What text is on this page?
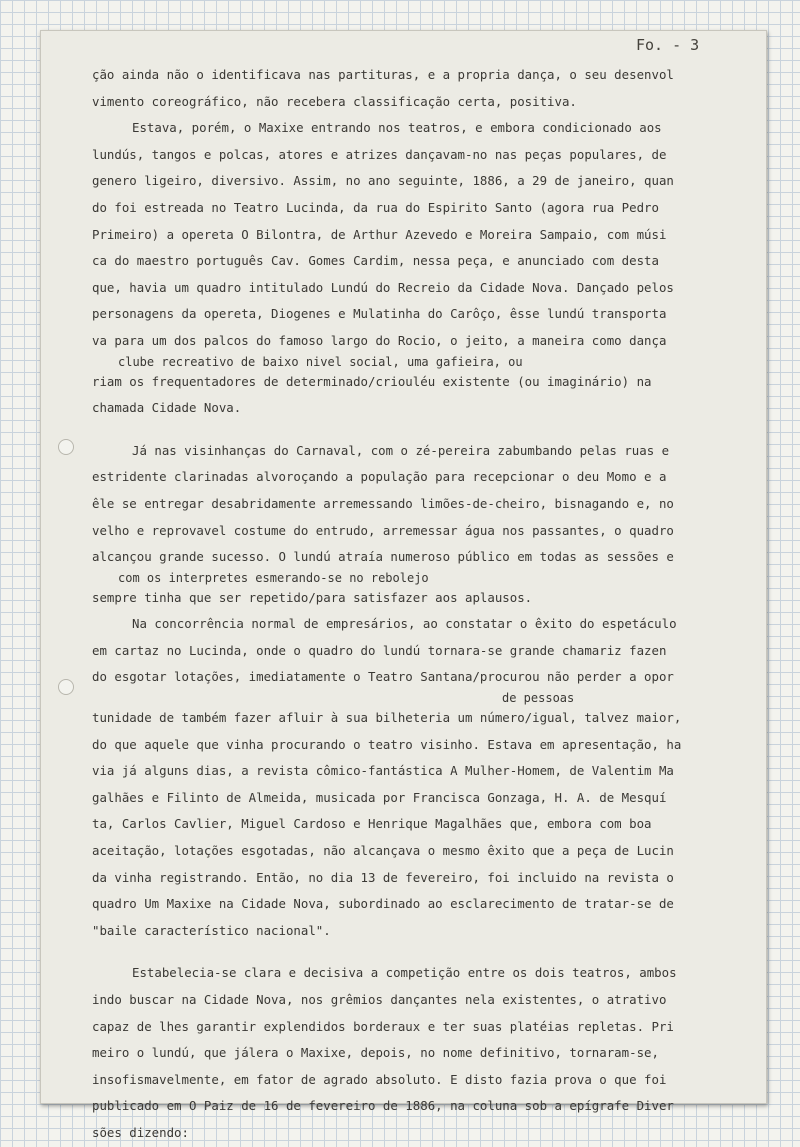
Fo. - 3
ção ainda não o identificava nas partituras, e a propria dança, o seu desenvol
vimento coreográfico, não recebera classificação certa, positiva.
Estava, porém, o Maxixe entrando nos teatros, e embora condicionado aos
lundús, tangos e polcas, atores e atrizes dançavam-no nas peças populares, de
genero ligeiro, diversivo. Assim, no ano seguinte, 1886, a 29 de janeiro, quan
do foi estreada no Teatro Lucinda, da rua do Espirito Santo (agora rua Pedro
Primeiro) a opereta O Bilontra, de Arthur Azevedo e Moreira Sampaio, com músi
ca do maestro português Cav. Gomes Cardim, nessa peça, e anunciado com desta
que, havia um quadro intitulado Lundú do Recreio da Cidade Nova. Dançado pelos
personagens da opereta, Diogenes e Mulatinha do Carôço, êsse lundú transporta
va para um dos palcos do famoso largo do Rocio, o jeito, a maneira como dança
clube recreativo de baixo nivel social, uma gafieira, ou
riam os frequentadores de determinado/criouléu existente (ou imaginário) na
chamada Cidade Nova.
Já nas visinhanças do Carnaval, com o zé-pereira zabumbando pelas ruas e
estridente clarinadas alvoroçando a população para recepcionar o deu Momo e a
êle se entregar desabridamente arremessando limões-de-cheiro, bisnagando e, no
velho e reprovavel costume do entrudo, arremessar água nos passantes, o quadro
alcançou grande sucesso. O lundú atraía numeroso público em todas as sessões e
com os interpretes esmerando-se no rebolejo
sempre tinha que ser repetido/para satisfazer aos aplausos.
Na concorrência normal de empresários, ao constatar o êxito do espetáculo
em cartaz no Lucinda, onde o quadro do lundú tornara-se grande chamariz fazen
do esgotar lotações, imediatamente o Teatro Santana/procurou não perder a opor
de pessoas
tunidade de também fazer afluir à sua bilheteria um número/igual, talvez maior,
do que aquele que vinha procurando o teatro visinho. Estava em apresentação, ha
via já alguns dias, a revista cômico-fantástica A Mulher-Homem, de Valentim Ma
galhães e Filinto de Almeida, musicada por Francisca Gonzaga, H. A. de Mesquí
ta, Carlos Cavlier, Miguel Cardoso e Henrique Magalhães que, embora com boa
aceitação, lotações esgotadas, não alcançava o mesmo êxito que a peça de Lucin
da vinha registrando. Então, no dia 13 de fevereiro, foi incluido na revista o
quadro Um Maxixe na Cidade Nova, subordinado ao esclarecimento de tratar-se de
"baile característico nacional".
Estabelecia-se clara e decisiva a competição entre os dois teatros, ambos
indo buscar na Cidade Nova, nos grêmios dançantes nela existentes, o atrativo
capaz de lhes garantir explendidos borderaux e ter suas platéias repletas. Pri
meiro o lundú, que jálera o Maxixe, depois, no nome definitivo, tornaram-se,
insofismavelmente, em fator de agrado absoluto. E disto fazia prova o que foi
publicado em O Paiz de 16 de fevereiro de 1886, na coluna sob a epígrafe Diver
sões dizendo:
